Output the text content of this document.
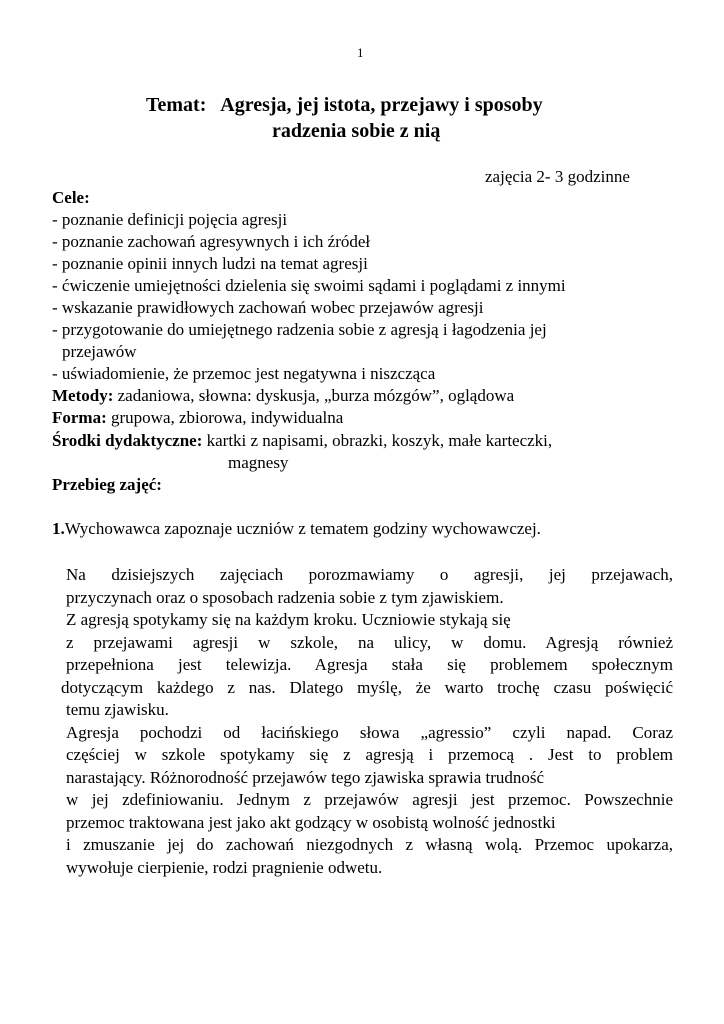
1
Temat: Agresja, jej istota, przejawy i sposoby
radzenia sobie z nią
zajęcia 2- 3 godzinne
Cele:
- poznanie definicji pojęcia agresji
- poznanie zachowań agresywnych i ich źródeł
- poznanie opinii innych ludzi na temat agresji
- ćwiczenie umiejętności dzielenia się swoimi sądami i poglądami z innymi
- wskazanie prawidłowych zachowań wobec przejawów agresji
- przygotowanie do umiejętnego radzenia sobie z agresją i łagodzenia jej
przejawów
- uświadomienie, że przemoc jest negatywna i niszcząca
Metody: zadaniowa, słowna: dyskusja, „burza mózgów”, oglądowa
Forma: grupowa, zbiorowa, indywidualna
Środki dydaktyczne: kartki z napisami, obrazki, koszyk, małe karteczki,
magnesy
Przebieg zajęć:
1.Wychowawca zapoznaje uczniów z tematem godziny wychowawczej.
Na dzisiejszych zajęciach porozmawiamy o agresji, jej przejawach,
przyczynach oraz o sposobach radzenia sobie z tym zjawiskiem.
Z agresją spotykamy się na każdym kroku. Uczniowie stykają się
z przejawami agresji w szkole, na ulicy, w domu. Agresją również
przepełniona jest telewizja. Agresja stała się problemem społecznym
dotyczącym każdego z nas. Dlatego myślę, że warto trochę czasu poświęcić
temu zjawisku.
Agresja pochodzi od łacińskiego słowa „agressio” czyli napad. Coraz
częściej w szkole spotykamy się z agresją i przemocą . Jest to problem
narastający. Różnorodność przejawów tego zjawiska sprawia trudność
w jej zdefiniowaniu. Jednym z przejawów agresji jest przemoc. Powszechnie
przemoc traktowana jest jako akt godzący w osobistą wolność jednostki
i zmuszanie jej do zachowań niezgodnych z własną wolą. Przemoc upokarza,
wywołuje cierpienie, rodzi pragnienie odwetu.
